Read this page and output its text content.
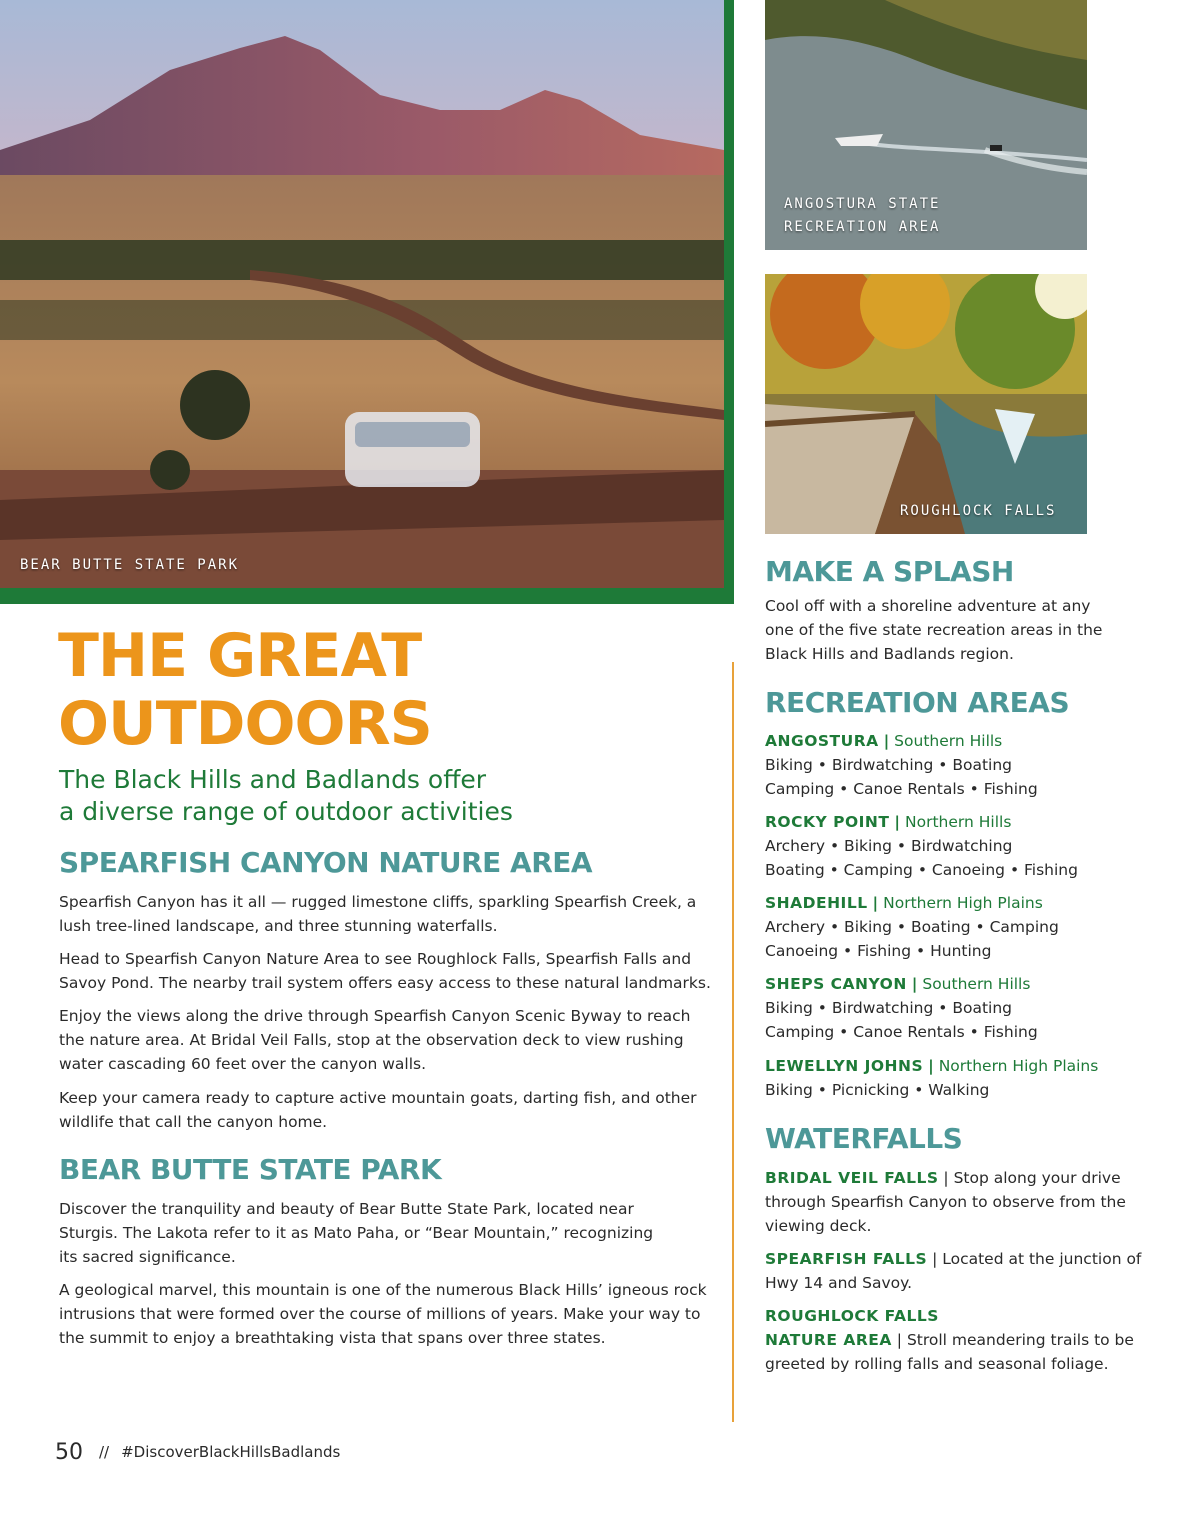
BEAR BUTTE STATE PARK
ANGOSTURA STATE
RECREATION AREA
ROUGHLOCK FALLS
THE GREAT
OUTDOORS

The Black Hills and Badlands offer
a diverse range of outdoor activities

SPEARFISH CANYON NATURE AREA

Spearfish Canyon has it all — rugged limestone cliffs, sparkling Spearfish Creek, a lush tree-lined landscape, and three stunning waterfalls.

Head to Spearfish Canyon Nature Area to see Roughlock Falls, Spearfish Falls and Savoy Pond. The nearby trail system offers easy access to these natural landmarks.

Enjoy the views along the drive through Spearfish Canyon Scenic Byway to reach the nature area. At Bridal Veil Falls, stop at the observation deck to view rushing water cascading 60 feet over the canyon walls.

Keep your camera ready to capture active mountain goats, darting fish, and other wildlife that call the canyon home.

BEAR BUTTE STATE PARK

Discover the tranquility and beauty of Bear Butte State Park, located near Sturgis. The Lakota refer to it as Mato Paha, or “Bear Mountain,” recognizing its sacred significance.

A geological marvel, this mountain is one of the numerous Black Hills’ igneous rock intrusions that were formed over the course of millions of years. Make your way to the summit to enjoy a breathtaking vista that spans over three states.

MAKE A SPLASH

Cool off with a shoreline adventure at any one of the five state recreation areas in the Black Hills and Badlands region.

RECREATION AREAS
ANGOSTURA | Southern Hills
Biking • Birdwatching • Boating
Camping • Canoe Rentals • Fishing
ROCKY POINT | Northern Hills
Archery • Biking • Birdwatching
Boating • Camping • Canoeing • Fishing
SHADEHILL | Northern High Plains
Archery • Biking • Boating • Camping
Canoeing • Fishing • Hunting
SHEPS CANYON | Southern Hills
Biking • Birdwatching • Boating
Camping • Canoe Rentals • Fishing
LEWELLYN JOHNS | Northern High Plains
Biking • Picnicking • Walking
WATERFALLS
BRIDAL VEIL FALLS | Stop along your drive through Spearfish Canyon to observe from the viewing deck.
SPEARFISH FALLS | Located at the junction of Hwy 14 and Savoy.
ROUGHLOCK FALLS
NATURE AREA | Stroll meandering trails to be greeted by rolling falls and seasonal foliage.
50 // #DiscoverBlackHillsBadlands
